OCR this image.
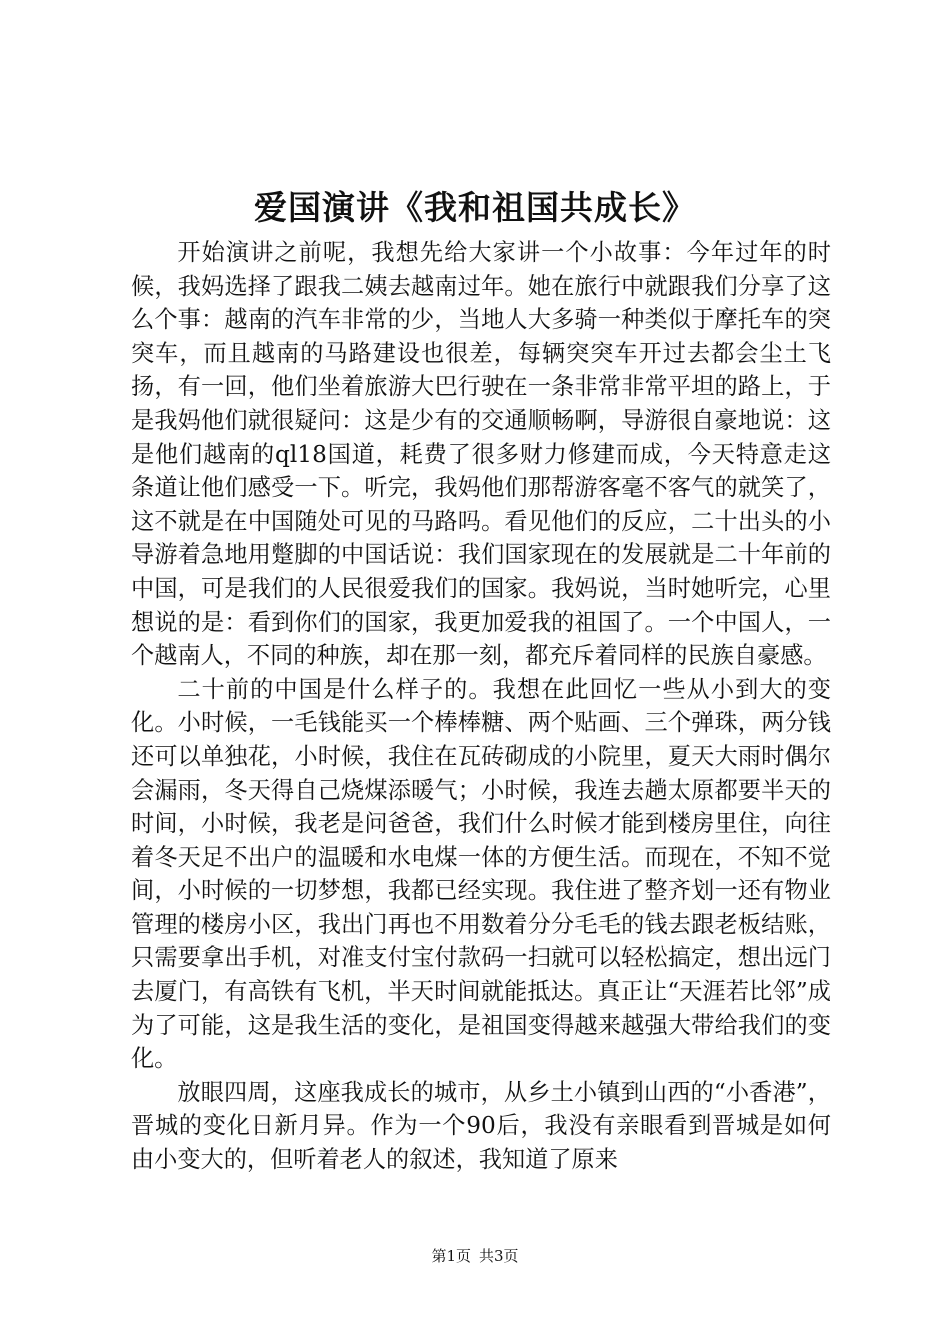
爱国演讲《我和祖国共成长》

开始演讲之前呢，我想先给大家讲一个小故事：今年过年的时候，我妈选择了跟我二姨去越南过年。她在旅行中就跟我们分享了这么个事：越南的汽车非常的少，当地人大多骑一种类似于摩托车的突突车，而且越南的马路建设也很差，每辆突突车开过去都会尘土飞扬，有一回，他们坐着旅游大巴行驶在一条非常非常平坦的路上，于是我妈他们就很疑问：这是少有的交通顺畅啊，导游很自豪地说：这是他们越南的ql18国道，耗费了很多财力修建而成，今天特意走这条道让他们感受一下。听完，我妈他们那帮游客毫不客气的就笑了，这不就是在中国随处可见的马路吗。看见他们的反应，二十出头的小导游着急地用蹩脚的中国话说：我们国家现在的发展就是二十年前的中国，可是我们的人民很爱我们的国家。我妈说，当时她听完，心里想说的是：看到你们的国家，我更加爱我的祖国了。一个中国人，一个越南人，不同的种族，却在那一刻，都充斥着同样的民族自豪感。

二十前的中国是什么样子的。我想在此回忆一些从小到大的变化。小时候，一毛钱能买一个棒棒糖、两个贴画、三个弹珠，两分钱还可以单独花，小时候，我住在瓦砖砌成的小院里，夏天大雨时偶尔会漏雨，冬天得自己烧煤添暖气；小时候，我连去趟太原都要半天的时间，小时候，我老是问爸爸，我们什么时候才能到楼房里住，向往着冬天足不出户的温暖和水电煤一体的方便生活。而现在，不知不觉间，小时候的一切梦想，我都已经实现。我住进了整齐划一还有物业管理的楼房小区，我出门再也不用数着分分毛毛的钱去跟老板结账，只需要拿出手机，对准支付宝付款码一扫就可以轻松搞定，想出远门去厦门，有高铁有飞机，半天时间就能抵达。真正让“天涯若比邻”成为了可能，这是我生活的变化，是祖国变得越来越强大带给我们的变化。

放眼四周，这座我成长的城市，从乡土小镇到山西的“小香港”，晋城的变化日新月异。作为一个90后，我没有亲眼看到晋城是如何由小变大的，但听着老人的叙述，我知道了原来

第1页 共3页
